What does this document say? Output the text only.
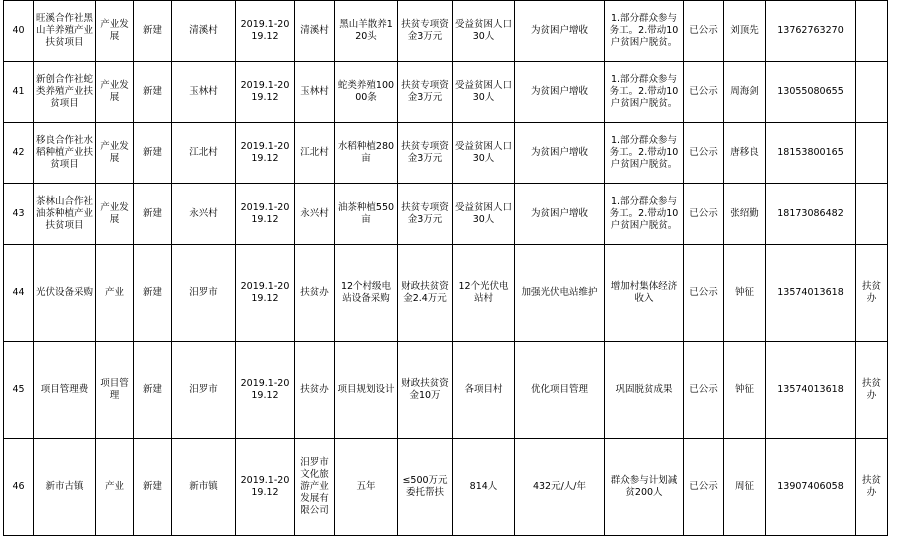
40	旺溪合作社黑山羊养殖产业扶贫项目	产业发展	新建	清溪村	2019.1-2019.12	清溪村	黑山羊散养120头	扶贫专项资金3万元	受益贫困人口30人	为贫困户增收	1.部分群众参与务工。2.带动10户贫困户脱贫。	已公示	刘顶先	13762763270	
41	新创合作社蛇类养殖产业扶贫项目	产业发展	新建	玉林村	2019.1-2019.12	玉林村	蛇类养殖10000条	扶贫专项资金3万元	受益贫困人口30人	为贫困户增收	1.部分群众参与务工。2.带动10户贫困户脱贫。	已公示	周海剑	13055080655	
42	移良合作社水稻种植产业扶贫项目	产业发展	新建	江北村	2019.1-2019.12	江北村	水稻种植280亩	扶贫专项资金3万元	受益贫困人口30人	为贫困户增收	1.部分群众参与务工。2.带动10户贫困户脱贫。	已公示	唐移良	18153800165	
43	茶林山合作社油茶种植产业扶贫项目	产业发展	新建	永兴村	2019.1-2019.12	永兴村	油茶种植550亩	扶贫专项资金3万元	受益贫困人口30人	为贫困户增收	1.部分群众参与务工。2.带动10户贫困户脱贫。	已公示	张绍勤	18173086482	
44	光伏设备采购	产业	新建	汨罗市	2019.1-2019.12	扶贫办	12个村级电站设备采购	财政扶贫资金2.4万元	12个光伏电站村	加强光伏电站维护	增加村集体经济收入	已公示	钟征	13574013618	扶贫办
45	项目管理费	项目管理	新建	汨罗市	2019.1-2019.12	扶贫办	项目规划设计	财政扶贫资金10万	各项目村	优化项目管理	巩固脱贫成果	已公示	钟征	13574013618	扶贫办
46	新市古镇	产业	新建	新市镇	2019.1-2019.12	汨罗市文化旅游产业发展有限公司	五年	≤500万元委托帮扶	814人	432元/人/年	群众参与计划减贫200人	已公示	周征	13907406058	扶贫办
